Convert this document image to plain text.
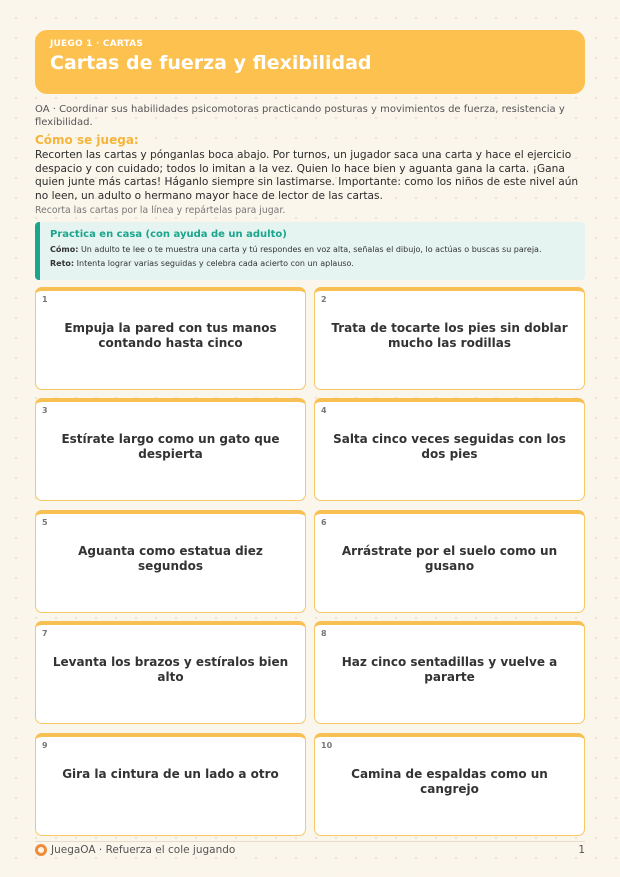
JUEGO 1 · CARTAS
Cartas de fuerza y flexibilidad
OA · Coordinar sus habilidades psicomotoras practicando posturas y movimientos de fuerza, resistencia y flexibilidad.
Cómo se juega:
Recorten las cartas y pónganlas boca abajo. Por turnos, un jugador saca una carta y hace el ejercicio despacio y con cuidado; todos lo imitan a la vez. Quien lo hace bien y aguanta gana la carta. ¡Gana quien junte más cartas! Háganlo siempre sin lastimarse. Importante: como los niños de este nivel aún no leen, un adulto o hermano mayor hace de lector de las cartas.
Recorta las cartas por la línea y repártelas para jugar.
Practica en casa (con ayuda de un adulto)
Cómo: Un adulto te lee o te muestra una carta y tú respondes en voz alta, señalas el dibujo, lo actúas o buscas su pareja.
Reto: Intenta lograr varias seguidas y celebra cada acierto con un aplauso.
1
Empuja la pared con tus manos contando hasta cinco
2
Trata de tocarte los pies sin doblar mucho las rodillas
3
Estírate largo como un gato que despierta
4
Salta cinco veces seguidas con los dos pies
5
Aguanta como estatua diez segundos
6
Arrástrate por el suelo como un gusano
7
Levanta los brazos y estíralos bien alto
8
Haz cinco sentadillas y vuelve a pararte
9
Gira la cintura de un lado a otro
10
Camina de espaldas como un cangrejo
JuegaOA · Refuerza el cole jugando	1
